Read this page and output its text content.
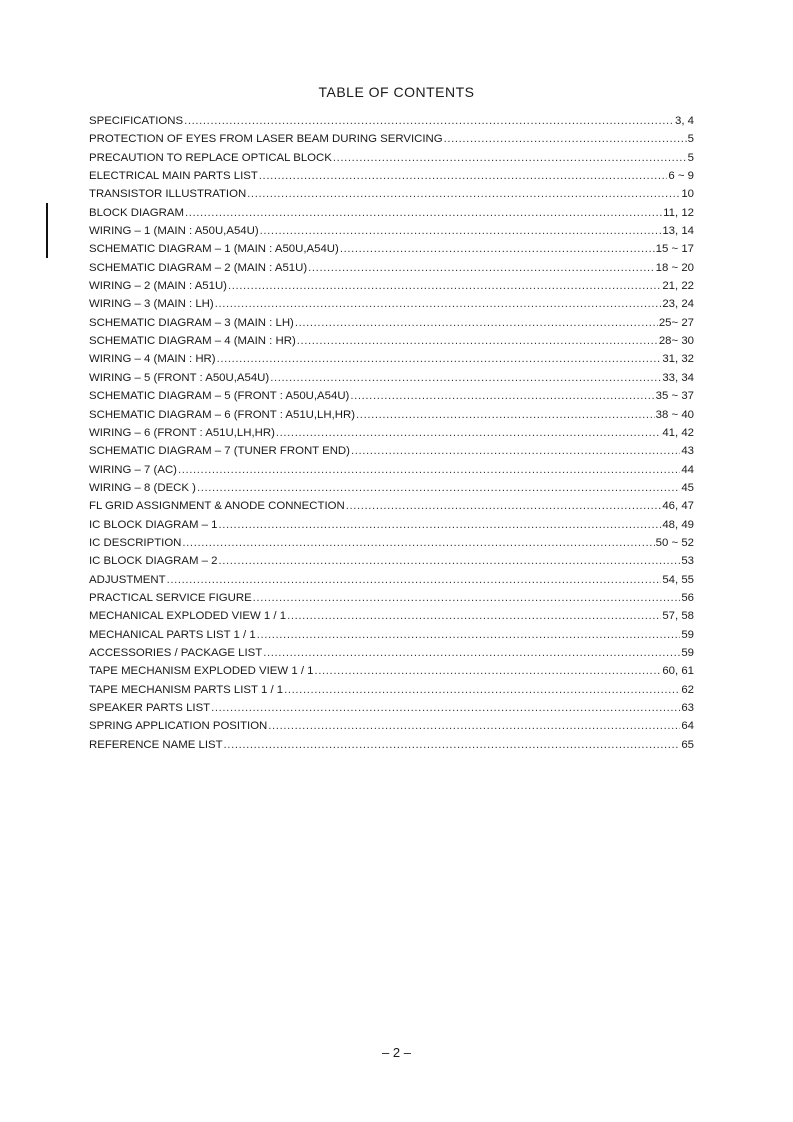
TABLE OF CONTENTS
SPECIFICATIONS .....	3, 4
PROTECTION OF EYES FROM LASER BEAM DURING SERVICING .....	5
PRECAUTION TO REPLACE OPTICAL BLOCK .....	5
ELECTRICAL MAIN PARTS LIST .....	6 ~ 9
TRANSISTOR ILLUSTRATION .....	10
BLOCK DIAGRAM .....	11, 12
WIRING – 1 (MAIN : A50U,A54U) .....	13, 14
SCHEMATIC DIAGRAM – 1 (MAIN : A50U,A54U) .....	15 ~ 17
SCHEMATIC DIAGRAM – 2 (MAIN : A51U) .....	18 ~ 20
WIRING – 2 (MAIN : A51U) .....	21, 22
WIRING – 3 (MAIN : LH) .....	23, 24
SCHEMATIC DIAGRAM – 3 (MAIN : LH) .....	25~ 27
SCHEMATIC DIAGRAM – 4 (MAIN : HR) .....	28~ 30
WIRING – 4 (MAIN : HR) .....	31, 32
WIRING – 5 (FRONT : A50U,A54U) .....	33, 34
SCHEMATIC DIAGRAM – 5 (FRONT : A50U,A54U) .....	35 ~ 37
SCHEMATIC DIAGRAM – 6 (FRONT : A51U,LH,HR) .....	38 ~ 40
WIRING – 6 (FRONT : A51U,LH,HR) .....	41, 42
SCHEMATIC DIAGRAM – 7 (TUNER FRONT END) .....	43
WIRING – 7 (AC) .....	44
WIRING – 8 (DECK ) .....	45
FL GRID ASSIGNMENT & ANODE CONNECTION .....	46, 47
IC BLOCK DIAGRAM – 1 .....	48, 49
IC DESCRIPTION .....	50 ~ 52
IC BLOCK DIAGRAM – 2 .....	53
ADJUSTMENT .....	54, 55
PRACTICAL SERVICE FIGURE .....	56
MECHANICAL EXPLODED VIEW 1 / 1 .....	57, 58
MECHANICAL PARTS LIST 1 / 1 .....	59
ACCESSORIES / PACKAGE LIST .....	59
TAPE MECHANISM EXPLODED VIEW 1 / 1 .....	60, 61
TAPE MECHANISM PARTS LIST 1 / 1 .....	62
SPEAKER PARTS LIST .....	63
SPRING APPLICATION POSITION .....	64
REFERENCE NAME LIST .....	65
– 2 –
